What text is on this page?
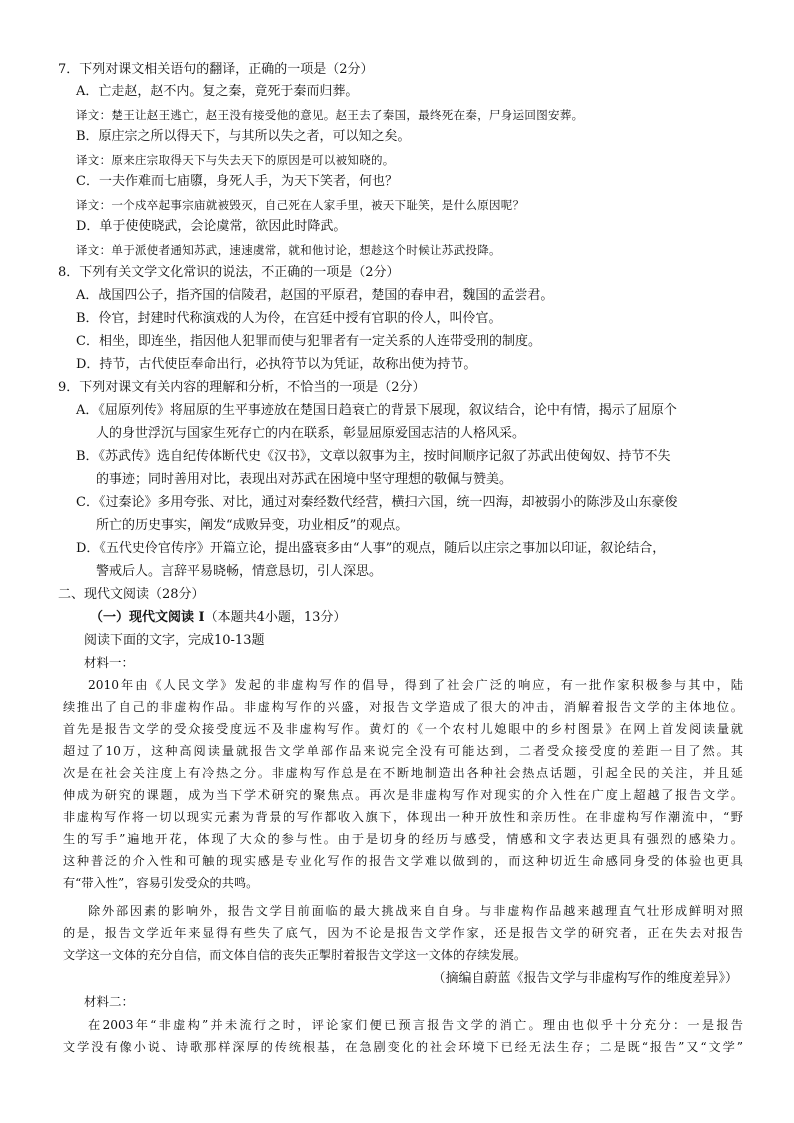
7．下列对课文相关语句的翻译，正确的一项是（2分）
A．亡走赵，赵不内。复之秦，竟死于秦而归葬。
译文：楚王让赵王逃亡，赵王没有接受他的意见。赵王去了秦国，最终死在秦，尸身运回图安葬。
B．原庄宗之所以得天下，与其所以失之者，可以知之矣。
译文：原来庄宗取得天下与失去天下的原因是可以被知晓的。
C．一夫作难而七庙隳，身死人手，为天下笑者，何也？
译文：一个戍卒起事宗庙就被毁灭，自己死在人家手里，被天下耻笑，是什么原因呢？
D．单于使使晓武，会论虞常，欲因此时降武。
译文：单于派使者通知苏武，速速虞常，就和他讨论，想趁这个时候让苏武投降。
8．下列有关文学文化常识的说法，不正确的一项是（2分）
A．战国四公子，指齐国的信陵君，赵国的平原君，楚国的春申君，魏国的孟尝君。
B．伶官，封建时代称演戏的人为伶，在宫廷中授有官职的伶人，叫伶官。
C．相坐，即连坐，指因他人犯罪而使与犯罪者有一定关系的人连带受刑的制度。
D．持节，古代使臣奉命出行，必执符节以为凭证，故称出使为持节。
9．下列对课文有关内容的理解和分析，不恰当的一项是（2分）
A．《屈原列传》将屈原的生平事迹放在楚国日趋衰亡的背景下展现，叙议结合，论中有情，揭示了屈原个
人的身世浮沉与国家生死存亡的内在联系，彰显屈原爱国志洁的人格风采。
B．《苏武传》选自纪传体断代史《汉书》，文章以叙事为主，按时间顺序记叙了苏武出使匈奴、持节不失
的事迹；同时善用对比，表现出对苏武在困境中坚守理想的敬佩与赞美。
C．《过秦论》多用夸张、对比，通过对秦经数代经营，横扫六国，统一四海，却被弱小的陈涉及山东豪俊
所亡的历史事实，阐发“成败异变，功业相反”的观点。
D．《五代史伶官传序》开篇立论，提出盛衰多由“人事”的观点，随后以庄宗之事加以印证，叙论结合，
警戒后人。言辞平易晓畅，情意恳切，引人深思。
二、现代文阅读（28分）
（一）现代文阅读 I（本题共4小题，13分）
阅读下面的文字，完成10-13题
材料一：
2010年由《人民文学》发起的非虚构写作的倡导，得到了社会广泛的响应，有一批作家积极参与其中，陆
续推出了自己的非虚构作品。非虚构写作的兴盛，对报告文学造成了很大的冲击，消解着报告文学的主体地位。
首先是报告文学的受众接受度远不及非虚构写作。黄灯的《一个农村儿媳眼中的乡村图景》在网上首发阅读量就
超过了10万，这种高阅读量就报告文学单部作品来说完全没有可能达到，二者受众接受度的差距一目了然。其
次是在社会关注度上有冷热之分。非虚构写作总是在不断地制造出各种社会热点话题，引起全民的关注，并且延
伸成为研究的课题，成为当下学术研究的聚焦点。再次是非虚构写作对现实的介入性在广度上超越了报告文学。
非虚构写作将一切以现实元素为背景的写作都收入旗下，体现出一种开放性和亲历性。在非虚构写作潮流中，“野
生的写手”遍地开花，体现了大众的参与性。由于是切身的经历与感受，情感和文字表达更具有强烈的感染力。
这种普泛的介入性和可触的现实感是专业化写作的报告文学难以做到的，而这种切近生命感同身受的体验也更具
有“带入性”，容易引发受众的共鸣。
除外部因素的影响外，报告文学目前面临的最大挑战来自自身。与非虚构作品越来越理直气壮形成鲜明对照
的是，报告文学近年来显得有些失了底气，因为不论是报告文学作家，还是报告文学的研究者，正在失去对报告
文学这一文体的充分自信，而文体自信的丧失正掣肘着报告文学这一文体的存续发展。
（摘编自蔚蓝《报告文学与非虚构写作的维度差异》）
材料二：
在2003年“非虚构”并未流行之时，评论家们便已预言报告文学的消亡。理由也似乎十分充分：一是报告
文学没有像小说、诗歌那样深厚的传统根基，在急剧变化的社会环境下已经无法生存；二是既“报告”又“文学”
